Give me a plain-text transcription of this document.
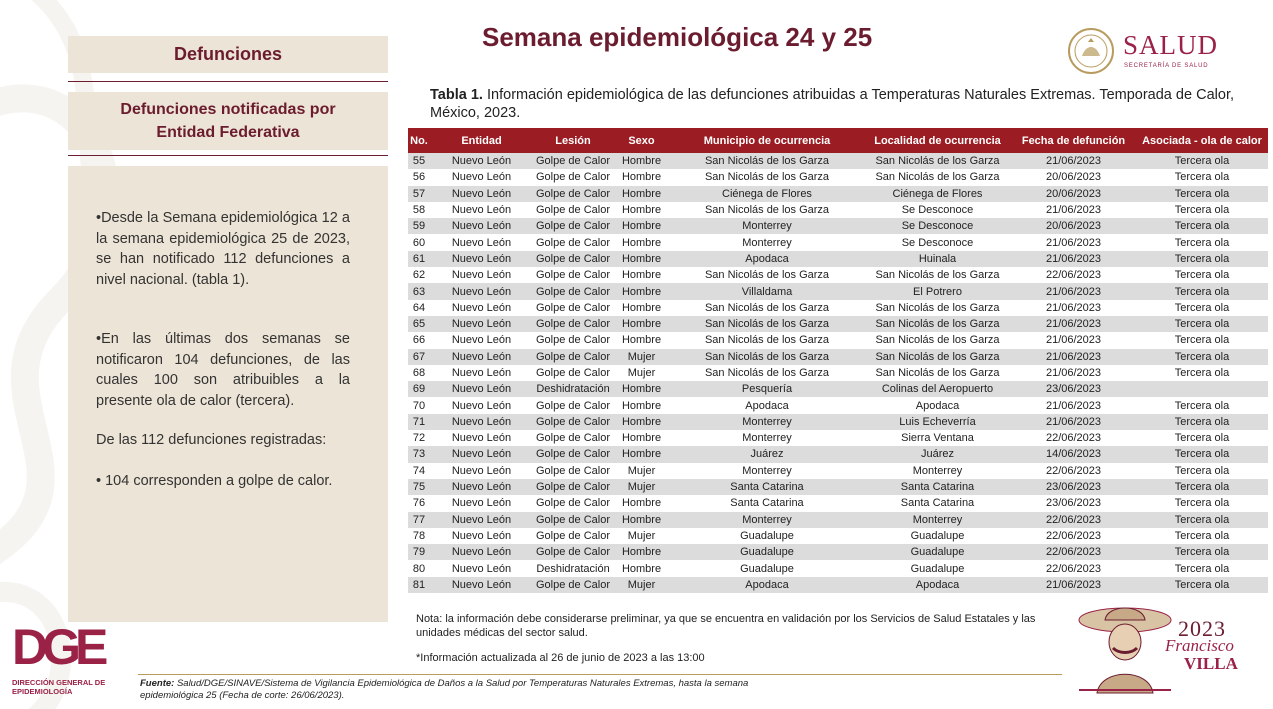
Defunciones
Defunciones notificadas por Entidad Federativa

•Desde la Semana epidemiológica 12 a la semana epidemiológica 25 de 2023, se han notificado 112 defunciones a nivel nacional. (tabla 1).

•En las últimas dos semanas se notificaron 104 defunciones, de las cuales 100 son atribuibles a la presente ola de calor (tercera).

De las 112 defunciones registradas:

• 104 corresponden a golpe de calor.

Semana epidemiológica 24 y 25	SALUD
SECRETARÍA DE SALUD
Tabla 1. Información epidemiológica de las defunciones atribuidas a Temperaturas Naturales Extremas. Temporada de Calor, México, 2023.
No.	Entidad	Lesión	Sexo	Municipio de ocurrencia	Localidad de ocurrencia	Fecha de defunción	Asociada - ola de calor
55	Nuevo León	Golpe de Calor	Hombre	San Nicolás de los Garza	San Nicolás de los Garza	21/06/2023	Tercera ola
56	Nuevo León	Golpe de Calor	Hombre	San Nicolás de los Garza	San Nicolás de los Garza	20/06/2023	Tercera ola
57	Nuevo León	Golpe de Calor	Hombre	Ciénega de Flores	Ciénega de Flores	20/06/2023	Tercera ola
58	Nuevo León	Golpe de Calor	Hombre	San Nicolás de los Garza	Se Desconoce	21/06/2023	Tercera ola
59	Nuevo León	Golpe de Calor	Hombre	Monterrey	Se Desconoce	20/06/2023	Tercera ola
60	Nuevo León	Golpe de Calor	Hombre	Monterrey	Se Desconoce	21/06/2023	Tercera ola
61	Nuevo León	Golpe de Calor	Hombre	Apodaca	Huinala	21/06/2023	Tercera ola
62	Nuevo León	Golpe de Calor	Hombre	San Nicolás de los Garza	San Nicolás de los Garza	22/06/2023	Tercera ola
63	Nuevo León	Golpe de Calor	Hombre	Villaldama	El Potrero	21/06/2023	Tercera ola
64	Nuevo León	Golpe de Calor	Hombre	San Nicolás de los Garza	San Nicolás de los Garza	21/06/2023	Tercera ola
65	Nuevo León	Golpe de Calor	Hombre	San Nicolás de los Garza	San Nicolás de los Garza	21/06/2023	Tercera ola
66	Nuevo León	Golpe de Calor	Hombre	San Nicolás de los Garza	San Nicolás de los Garza	21/06/2023	Tercera ola
67	Nuevo León	Golpe de Calor	Mujer	San Nicolás de los Garza	San Nicolás de los Garza	21/06/2023	Tercera ola
68	Nuevo León	Golpe de Calor	Mujer	San Nicolás de los Garza	San Nicolás de los Garza	21/06/2023	Tercera ola
69	Nuevo León	Deshidratación	Hombre	Pesquería	Colinas del Aeropuerto	23/06/2023	
70	Nuevo León	Golpe de Calor	Hombre	Apodaca	Apodaca	21/06/2023	Tercera ola
71	Nuevo León	Golpe de Calor	Hombre	Monterrey	Luis Echeverría	21/06/2023	Tercera ola
72	Nuevo León	Golpe de Calor	Hombre	Monterrey	Sierra Ventana	22/06/2023	Tercera ola
73	Nuevo León	Golpe de Calor	Hombre	Juárez	Juárez	14/06/2023	Tercera ola
74	Nuevo León	Golpe de Calor	Mujer	Monterrey	Monterrey	22/06/2023	Tercera ola
75	Nuevo León	Golpe de Calor	Mujer	Santa Catarina	Santa Catarina	23/06/2023	Tercera ola
76	Nuevo León	Golpe de Calor	Hombre	Santa Catarina	Santa Catarina	23/06/2023	Tercera ola
77	Nuevo León	Golpe de Calor	Hombre	Monterrey	Monterrey	22/06/2023	Tercera ola
78	Nuevo León	Golpe de Calor	Mujer	Guadalupe	Guadalupe	22/06/2023	Tercera ola
79	Nuevo León	Golpe de Calor	Hombre	Guadalupe	Guadalupe	22/06/2023	Tercera ola
80	Nuevo León	Deshidratación	Hombre	Guadalupe	Guadalupe	22/06/2023	Tercera ola
81	Nuevo León	Golpe de Calor	Mujer	Apodaca	Apodaca	21/06/2023	Tercera ola
Nota: la información debe considerarse preliminar, ya que se encuentra en validación por los Servicios de Salud Estatales y las unidades médicas del sector salud.
*Información actualizada al 26 de junio de 2023 a las 13:00
Fuente: Salud/DGE/SINAVE/Sistema de Vigilancia Epidemiológica de Daños a la Salud por Temperaturas Naturales Extremas, hasta la semana epidemiológica 25 (Fecha de corte: 26/06/2023).
DGE
DIRECCIÓN GENERAL DE EPIDEMIOLOGÍA
2023
Francisco
VILLA
